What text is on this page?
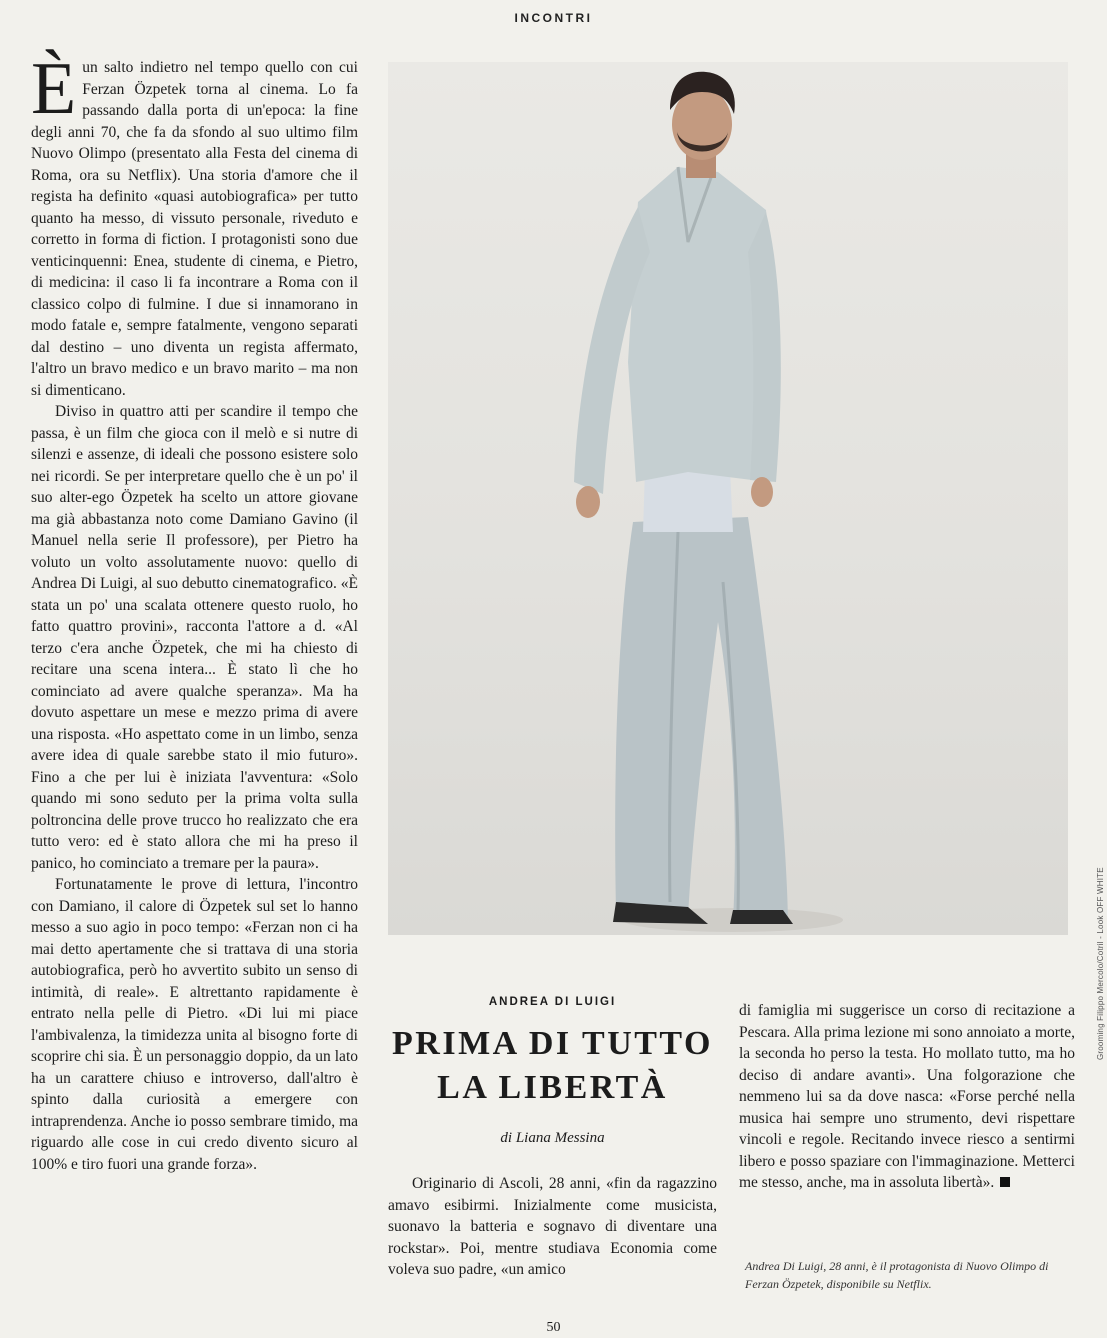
INCONTRI

Èun salto indietro nel tempo quello con cui Ferzan Özpetek torna al cinema. Lo fa passando dalla porta di un'epoca: la fine degli anni 70, che fa da sfondo al suo ultimo film Nuovo Olimpo (presentato alla Festa del cinema di Roma, ora su Netflix). Una storia d'amore che il regista ha definito «quasi autobiografica» per tutto quanto ha messo, di vissuto personale, riveduto e corretto in forma di fiction. I protagonisti sono due venticinquenni: Enea, studente di cinema, e Pietro, di medicina: il caso li fa incontrare a Roma con il classico colpo di fulmine. I due si innamorano in modo fatale e, sempre fatalmente, vengono separati dal destino – uno diventa un regista affermato, l'altro un bravo medico e un bravo marito – ma non si dimenticano.

Diviso in quattro atti per scandire il tempo che passa, è un film che gioca con il melò e si nutre di silenzi e assenze, di ideali che possono esistere solo nei ricordi. Se per interpretare quello che è un po' il suo alter-ego Özpetek ha scelto un attore giovane ma già abbastanza noto come Damiano Gavino (il Manuel nella serie Il professore), per Pietro ha voluto un volto assolutamente nuovo: quello di Andrea Di Luigi, al suo debutto cinematografico. «È stata un po' una scalata ottenere questo ruolo, ho fatto quattro provini», racconta l'attore a d. «Al terzo c'era anche Özpetek, che mi ha chiesto di recitare una scena intera... È stato lì che ho cominciato ad avere qualche speranza». Ma ha dovuto aspettare un mese e mezzo prima di avere una risposta. «Ho aspettato come in un limbo, senza avere idea di quale sarebbe stato il mio futuro». Fino a che per lui è iniziata l'avventura: «Solo quando mi sono seduto per la prima volta sulla poltroncina delle prove trucco ho realizzato che era tutto vero: ed è stato allora che mi ha preso il panico, ho cominciato a tremare per la paura».

Fortunatamente le prove di lettura, l'incontro con Damiano, il calore di Özpetek sul set lo hanno messo a suo agio in poco tempo: «Ferzan non ci ha mai detto apertamente che si trattava di una storia autobiografica, però ho avvertito subito un senso di intimità, di reale». E altrettanto rapidamente è entrato nella pelle di Pietro. «Di lui mi piace l'ambivalenza, la timidezza unita al bisogno forte di scoprire chi sia. È un personaggio doppio, da un lato ha un carattere chiuso e introverso, dall'altro è spinto dalla curiosità a emergere con intraprendenza. Anche io posso sembrare timido, ma riguardo alle cose in cui credo divento sicuro al 100% e tiro fuori una grande forza».

Grooming Filippo Mercolo/Cotril - Look OFF WHITE
ANDREA DI LUIGI
PRIMA DI TUTTO
LA LIBERTÀ
di Liana Messina

Originario di Ascoli, 28 anni, «fin da ragazzino amavo esibirmi. Inizialmente come musicista, suonavo la batteria e sognavo di diventare una rockstar». Poi, mentre studiava Economia come voleva suo padre, «un amico

di famiglia mi suggerisce un corso di recitazione a Pescara. Alla prima lezione mi sono annoiato a morte, la seconda ho perso la testa. Ho mollato tutto, ma ho deciso di andare avanti». Una folgorazione che nemmeno lui sa da dove nasca: «Forse perché nella musica hai sempre uno strumento, devi rispettare vincoli e regole. Recitando invece riesco a sentirmi libero e posso spaziare con l'immaginazione. Metterci me stesso, anche, ma in assoluta libertà».

Andrea Di Luigi, 28 anni, è il protagonista di Nuovo Olimpo di Ferzan Özpetek, disponibile su Netflix.
50
